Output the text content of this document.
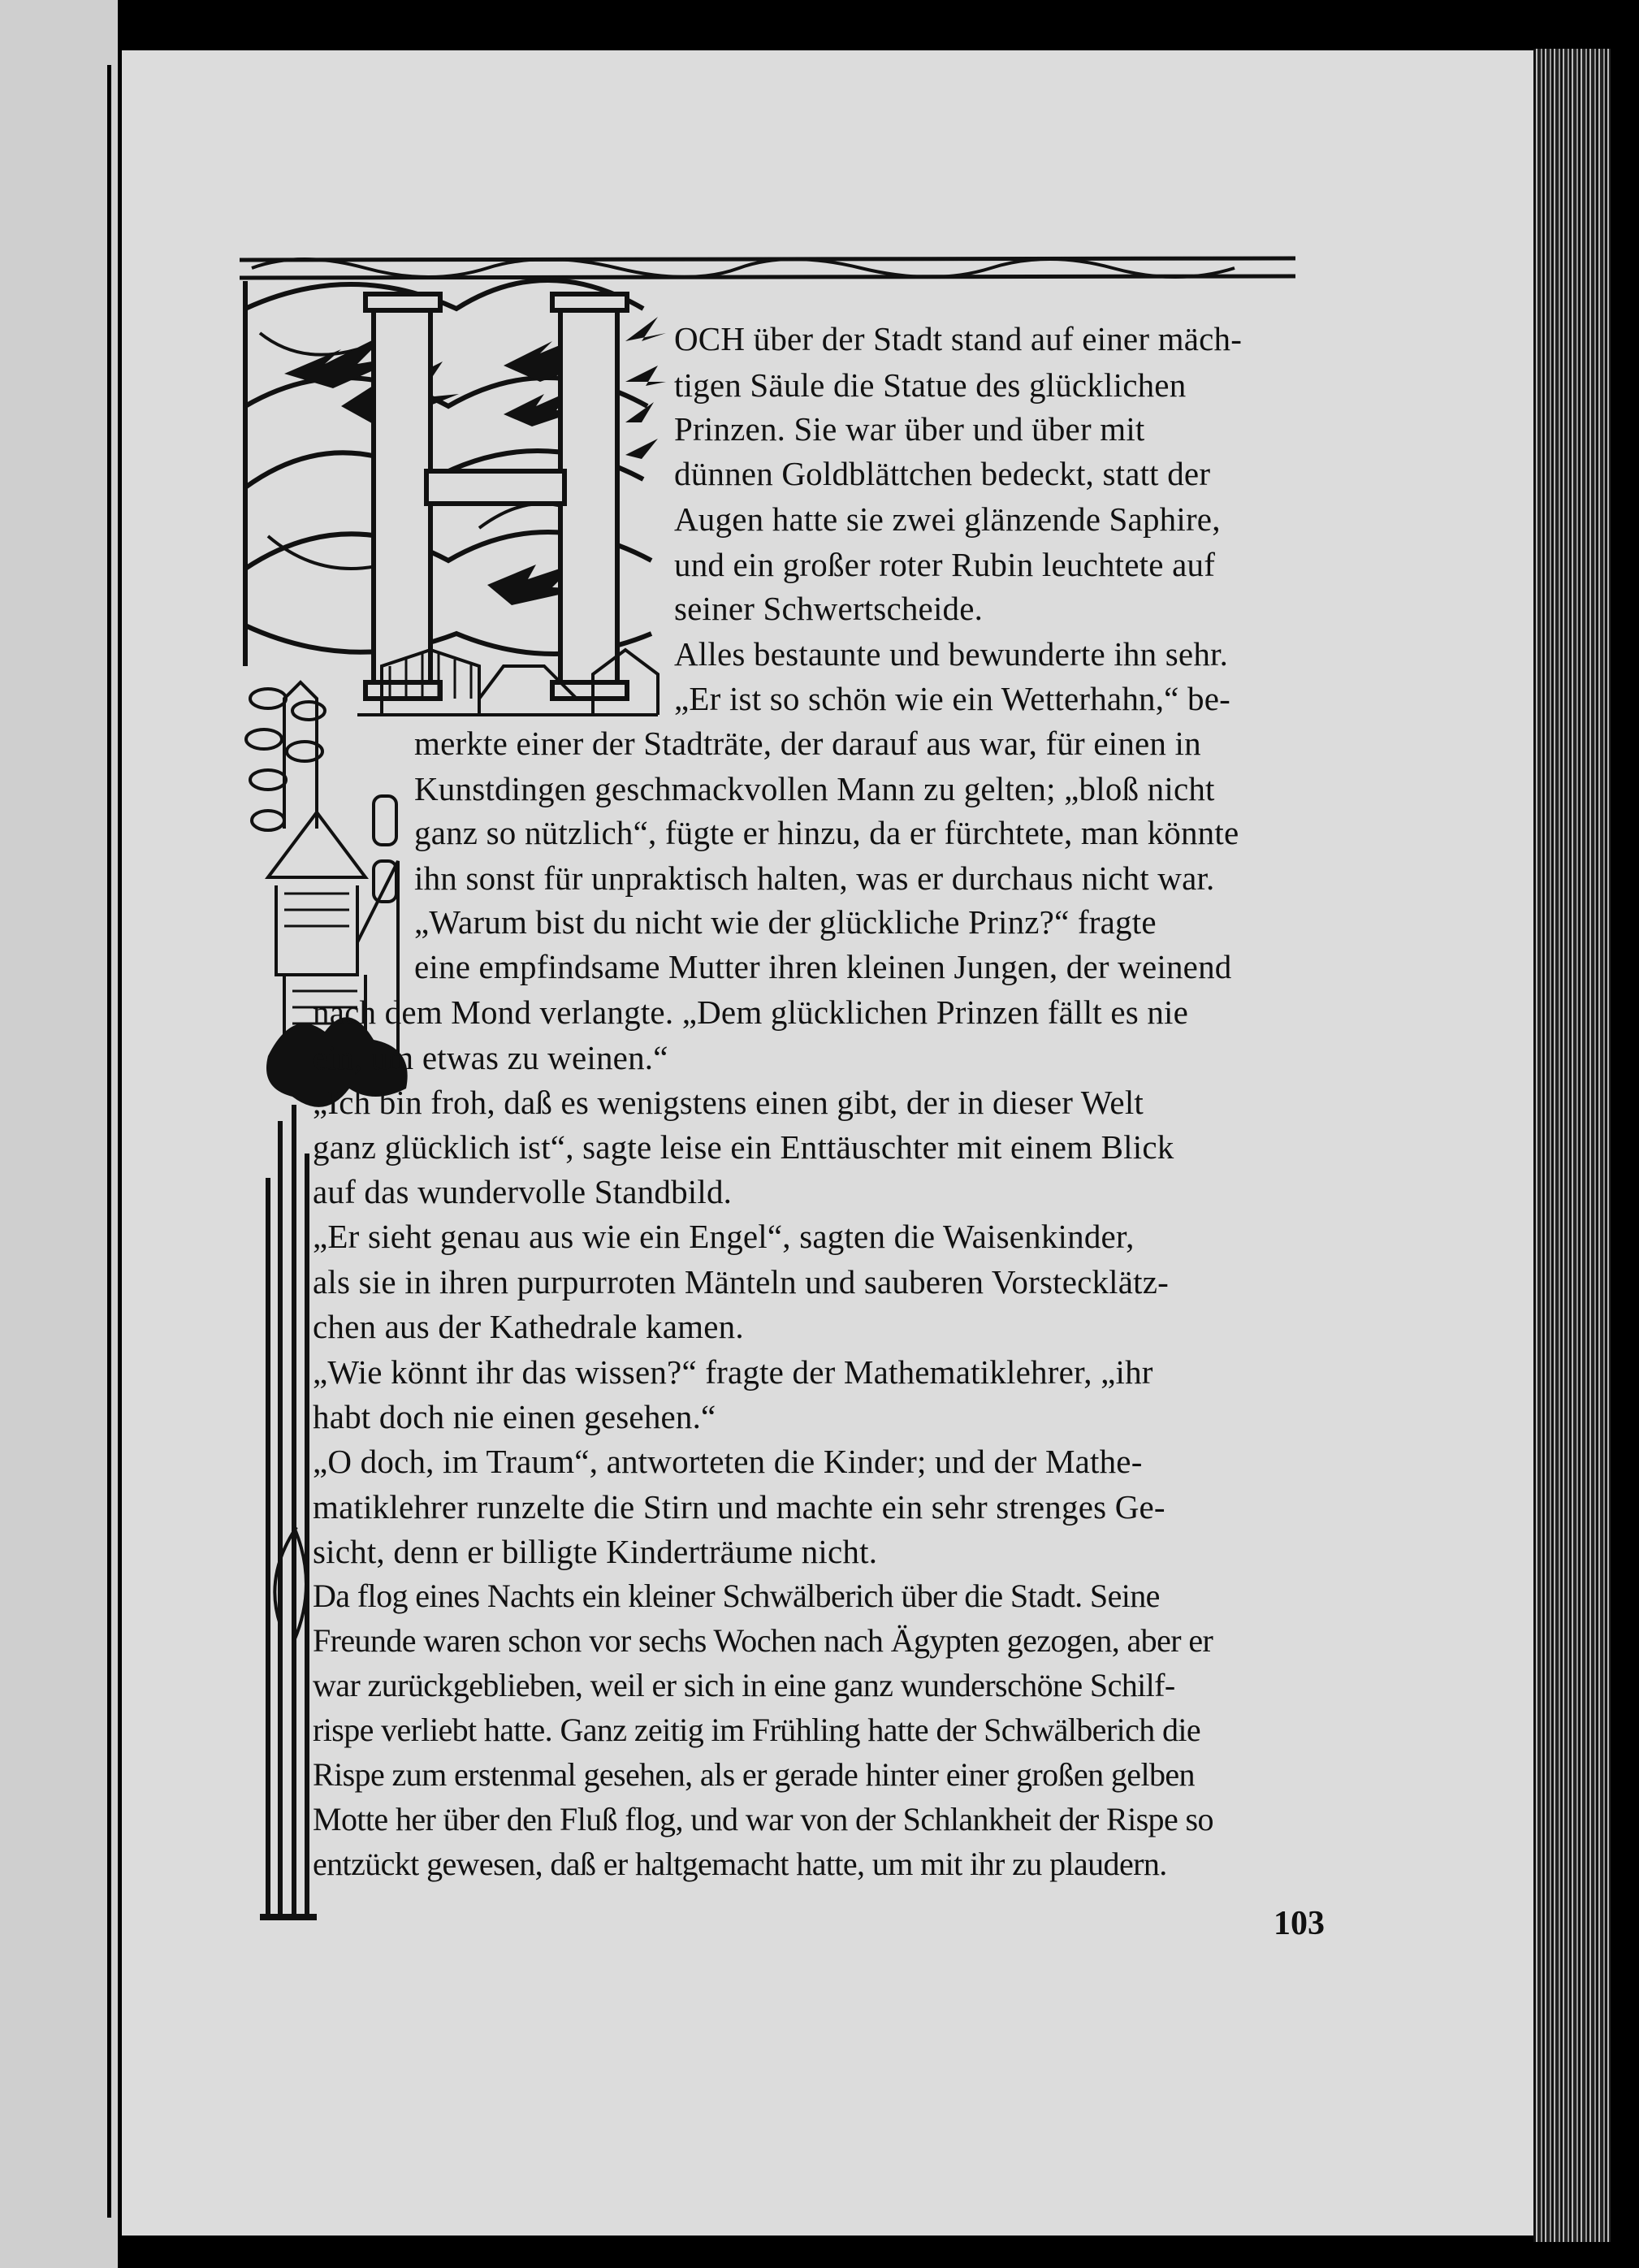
OCH über der Stadt stand auf einer mäch-
tigen Säule die Statue des glücklichen
Prinzen. Sie war über und über mit
dünnen Goldblättchen bedeckt, statt der
Augen hatte sie zwei glänzende Saphire,
und ein großer roter Rubin leuchtete auf
seiner Schwertscheide.
Alles bestaunte und bewunderte ihn sehr.
„Er ist so schön wie ein Wetterhahn,“ be-
merkte einer der Stadträte, der darauf aus war, für einen in
Kunstdingen geschmackvollen Mann zu gelten; „bloß nicht
ganz so nützlich“, fügte er hinzu, da er fürchtete, man könnte
ihn sonst für unpraktisch halten, was er durchaus nicht war.
„Warum bist du nicht wie der glückliche Prinz?“ fragte
eine empfindsame Mutter ihren kleinen Jungen, der weinend
nach dem Mond verlangte. „Dem glücklichen Prinzen fällt es nie
ein, um etwas zu weinen.“
„Ich bin froh, daß es wenigstens einen gibt, der in dieser Welt
ganz glücklich ist“, sagte leise ein Enttäuschter mit einem Blick
auf das wundervolle Standbild.
„Er sieht genau aus wie ein Engel“, sagten die Waisenkinder,
als sie in ihren purpurroten Mänteln und sauberen Vorstecklätz-
chen aus der Kathedrale kamen.
„Wie könnt ihr das wissen?“ fragte der Mathematiklehrer, „ihr
habt doch nie einen gesehen.“
„O doch, im Traum“, antworteten die Kinder; und der Mathe-
matiklehrer runzelte die Stirn und machte ein sehr strenges Ge-
sicht, denn er billigte Kinderträume nicht.
Da flog eines Nachts ein kleiner Schwälberich über die Stadt. Seine
Freunde waren schon vor sechs Wochen nach Ägypten gezogen, aber er
war zurückgeblieben, weil er sich in eine ganz wunderschöne Schilf-
rispe verliebt hatte. Ganz zeitig im Frühling hatte der Schwälberich die
Rispe zum erstenmal gesehen, als er gerade hinter einer großen gelben
Motte her über den Fluß flog, und war von der Schlankheit der Rispe so
entzückt gewesen, daß er haltgemacht hatte, um mit ihr zu plaudern.
103
